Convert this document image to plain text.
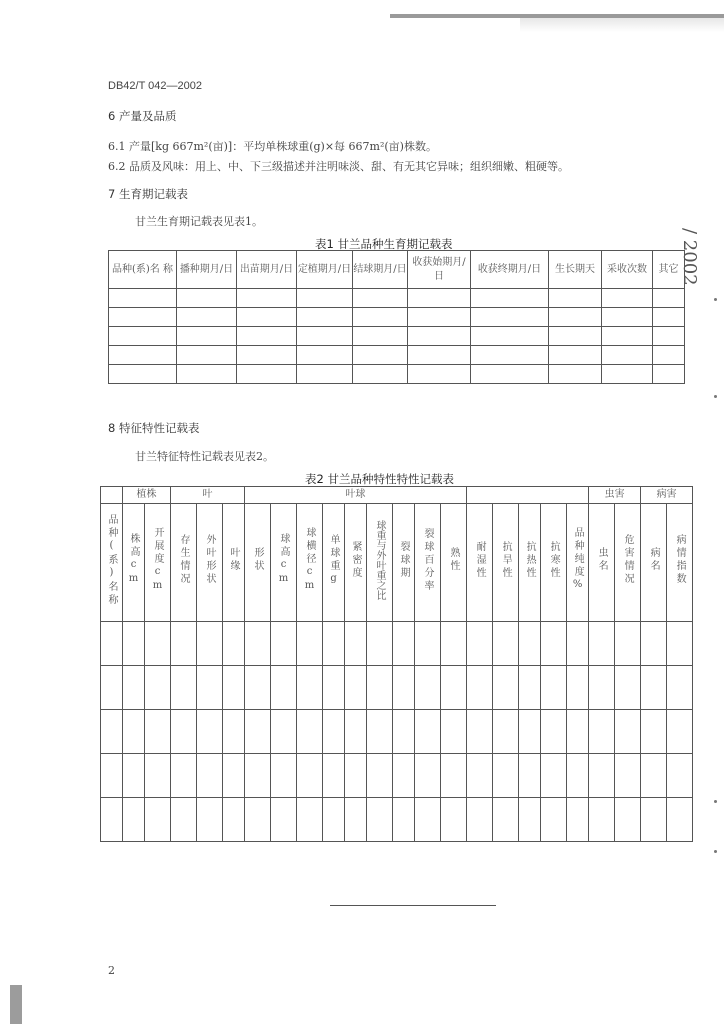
DB42/T 042—2002
6 产量及品质
6.1 产量[kg 667m²(亩)]：平均单株球重(g)×每 667m²(亩)株数。
6.2 品质及风味：用上、中、下三级描述并注明味淡、甜、有无其它异味；组织细嫩、粗硬等。
7 生育期记载表
甘兰生育期记载表见表1。
表1 甘兰品种生育期记载表
品种(系)名 称	播种期月/日	出苗期月/日	定植期月/日	结球期月/日	收获始期月/日	收获终期月/日	生长期天	采收次数	其它

8 特征特性记载表
甘兰特征特性记载表见表2。
表2 甘兰品种特性特性记载表
	植株		叶			叶球														虫害		病害	

品种(系)名称	株高cm	开展度cm	存生情况	外叶形状	叶缘	形状	球高cm	球横径cm	单球重g	紧密度	球重与外叶重之比	裂球期	裂球百分率	熟性	耐湿性	抗旱性	抗热性	抗寒性	品种纯度%	虫名	危害情况	病名	病情指数

2
/ 2002
